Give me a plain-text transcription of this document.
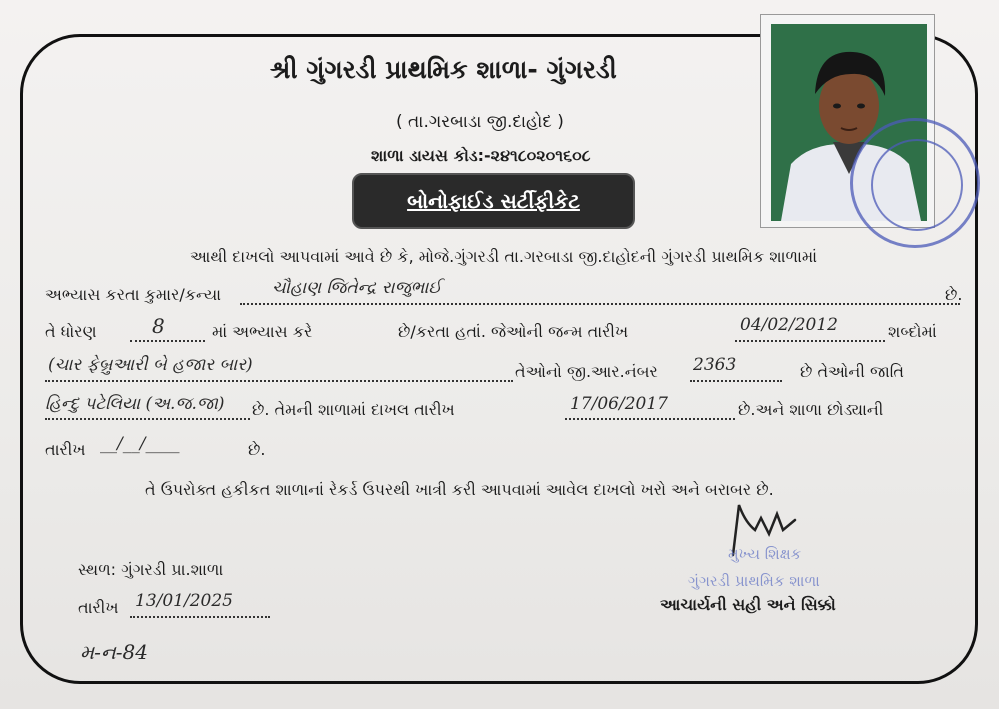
શ્રી ગુંગરડી પ્રાથમિક શાળા- ગુંગરડી
( તા.ગરબાડા જી.દાહોદ )
શાળા ડાયસ કોડ:-૨૪૧૮૦૨૦૧૬૦૮
બોનોફાઈડ સર્ટીફીકેટ
આથી દાખલો આપવામાં આવે છે કે, મોજે.ગુંગરડી તા.ગરબાડા જી.દાહોદની ગુંગરડી પ્રાથમિક શાળામાં
અભ્યાસ કરતા કુમાર/કન્યા	ચૌહાણ જિતેન્દ્ર રાજુભાઈ	છે.
તે ધોરણ	8	માં અભ્યાસ કરે	છે/કરતા હતાં. જેઓની જન્મ તારીખ	04/02/2012	શબ્દોમાં
(ચાર ફેબ્રુઆરી બે હજાર બાર)	તેઓનો જી.આર.નંબર 2363	છે તેઓની જાતિ
હિન્દુ પટેલિયા (અ.જ.જા) છે. તેમની શાળામાં દાખલ તારીખ	17/06/2017	છે.અને શાળા છોડ્યાની
તારીખ __/__/____	છે.
તે ઉપરોક્ત હકીકત શાળાનાં રેકર્ડ ઉપરથી ખાત્રી કરી આપવામાં આવેલ દાખલો ખરો અને બરાબર છે.
મુખ્ય શિક્ષક
ગુંગરડી પ્રાથમિક શાળા
આચાર્યની સહી અને સિક્કો
સ્થળ: ગુંગરડી પ્રા.શાળા
તારીખ 13/01/2025
મ-ન-84
